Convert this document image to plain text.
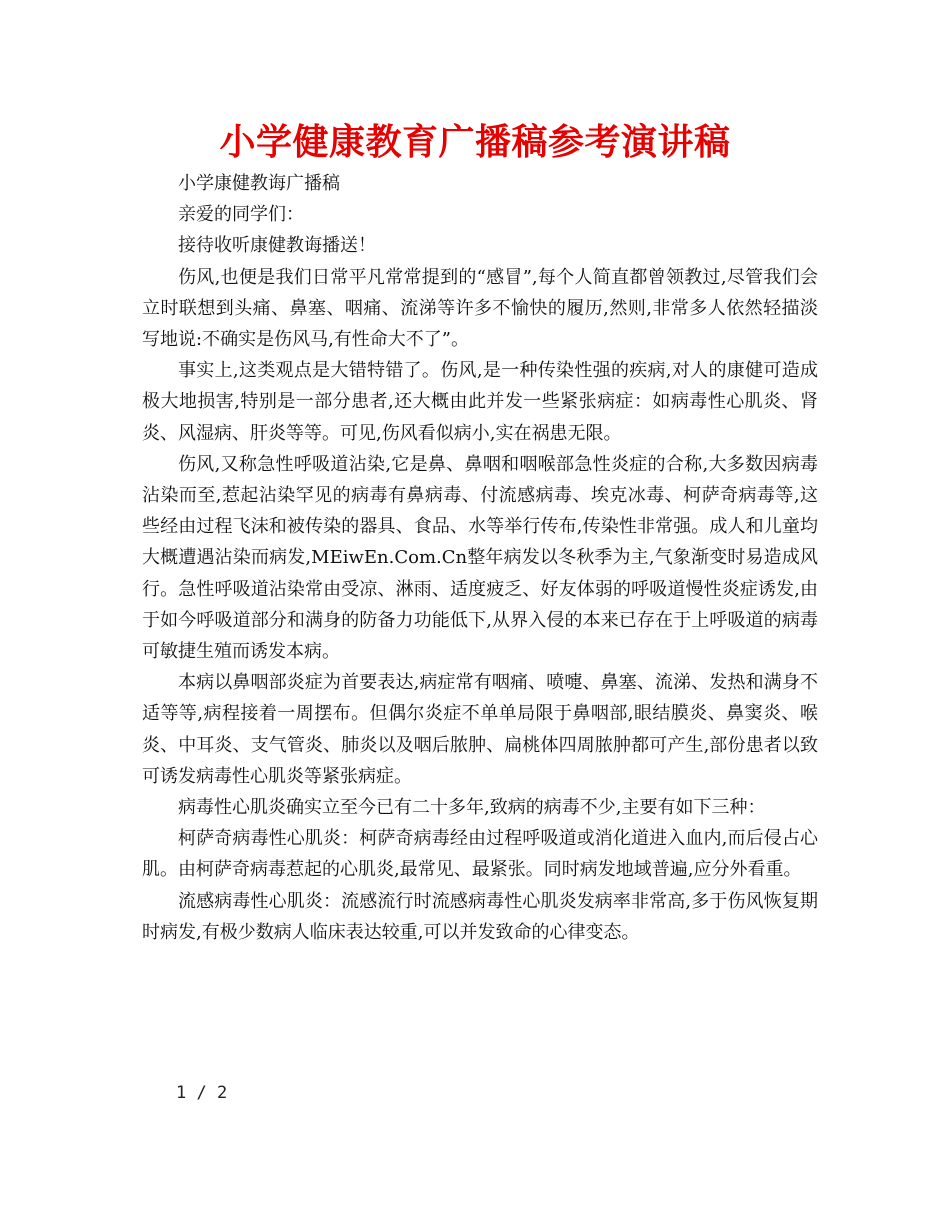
小学健康教育广播稿参考演讲稿

小学康健教诲广播稿

亲爱的同学们：

接待收听康健教诲播送！

伤风,也便是我们日常平凡常常提到的“感冒”,每个人简直都曾领教过,尽管我们会立时联想到头痛、鼻塞、咽痛、流涕等许多不愉快的履历,然则,非常多人依然轻描淡写地说:不确实是伤风马,有性命大不了”。

事实上,这类观点是大错特错了。伤风,是一种传染性强的疾病,对人的康健可造成极大地损害,特别是一部分患者,还大概由此并发一些紧张病症：如病毒性心肌炎、肾炎、风湿病、肝炎等等。可见,伤风看似病小,实在祸患无限。

伤风,又称急性呼吸道沾染,它是鼻、鼻咽和咽喉部急性炎症的合称,大多数因病毒沾染而至,惹起沾染罕见的病毒有鼻病毒、付流感病毒、埃克冰毒、柯萨奇病毒等,这些经由过程飞沫和被传染的器具、食品、水等举行传布,传染性非常强。成人和儿童均大概遭遇沾染而病发,MEiwEn.Com.Cn整年病发以冬秋季为主,气象渐变时易造成风行。急性呼吸道沾染常由受凉、淋雨、适度疲乏、好友体弱的呼吸道慢性炎症诱发,由于如今呼吸道部分和满身的防备力功能低下,从界入侵的本来已存在于上呼吸道的病毒可敏捷生殖而诱发本病。

本病以鼻咽部炎症为首要表达,病症常有咽痛、喷嚏、鼻塞、流涕、发热和满身不适等等,病程接着一周摆布。但偶尔炎症不单单局限于鼻咽部,眼结膜炎、鼻窦炎、喉炎、中耳炎、支气管炎、肺炎以及咽后脓肿、扁桃体四周脓肿都可产生,部份患者以致可诱发病毒性心肌炎等紧张病症。

病毒性心肌炎确实立至今已有二十多年,致病的病毒不少,主要有如下三种：

柯萨奇病毒性心肌炎：柯萨奇病毒经由过程呼吸道或消化道进入血内,而后侵占心肌。由柯萨奇病毒惹起的心肌炎,最常见、最紧张。同时病发地域普遍,应分外看重。

流感病毒性心肌炎：流感流行时流感病毒性心肌炎发病率非常高,多于伤风恢复期时病发,有极少数病人临床表达较重,可以并发致命的心律变态。

1 / 2
